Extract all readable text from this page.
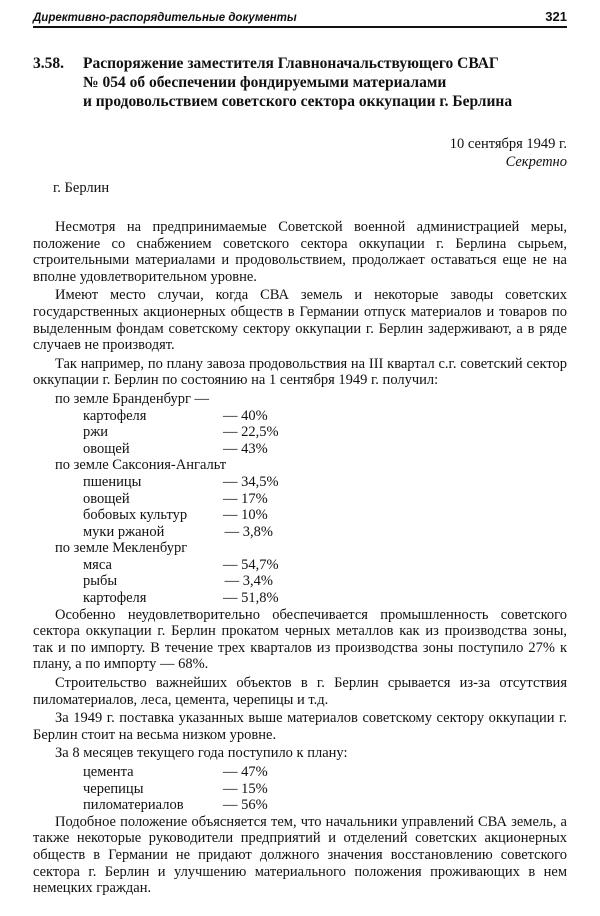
Директивно-распорядительные документы	321
3.58.	Распоряжение заместителя Главноначальствующего СВАГ
№ 054 об обеспечении фондируемыми материалами
и продовольствием советского сектора оккупации г. Берлина
10 сентября 1949 г.
Секретно
г. Берлин

Несмотря на предпринимаемые Советской военной администрацией меры, положение со снабжением советского сектора оккупации г. Берлина сырьем, строительными материалами и продовольствием, продолжает оставаться еще не на вполне удовлетворительном уровне.

Имеют место случаи, когда СВА земель и некоторые заводы советских государственных акционерных обществ в Германии отпуск материалов и товаров по выделенным фондам советскому сектору оккупации г. Берлин задерживают, а в ряде случаев не производят.

Так например, по плану завоза продовольствия на III квартал с.г. советский сектор оккупации г. Берлин по состоянию на 1 сентября 1949 г. получил:

по земле Бранденбург —
картофеля	— 40%
ржи	— 22,5%
овощей	— 43%
по земле Саксония-Ангальт
пшеницы	— 34,5%
овощей	— 17%
бобовых культур	— 10%
муки ржаной	— 3,8%
по земле Мекленбург
мяса	— 54,7%
рыбы	— 3,4%
картофеля	— 51,8%

Особенно неудовлетворительно обеспечивается промышленность советского сектора оккупации г. Берлин прокатом черных металлов как из производства зоны, так и по импорту. В течение трех кварталов из производства зоны поступило 27% к плану, а по импорту — 68%.

Строительство важнейших объектов в г. Берлин срывается из-за отсутствия пиломатериалов, леса, цемента, черепицы и т.д.

За 1949 г. поставка указанных выше материалов советскому сектору оккупации г. Берлин стоит на весьма низком уровне.

За 8 месяцев текущего года поступило к плану:

цемента	— 47%
черепицы	— 15%
пиломатериалов	— 56%

Подобное положение объясняется тем, что начальники управлений СВА земель, а также некоторые руководители предприятий и отделений советских акционерных обществ в Германии не придают должного значения восстановлению советского сектора г. Берлин и улучшению материального положения проживающих в нем немецких граждан.
